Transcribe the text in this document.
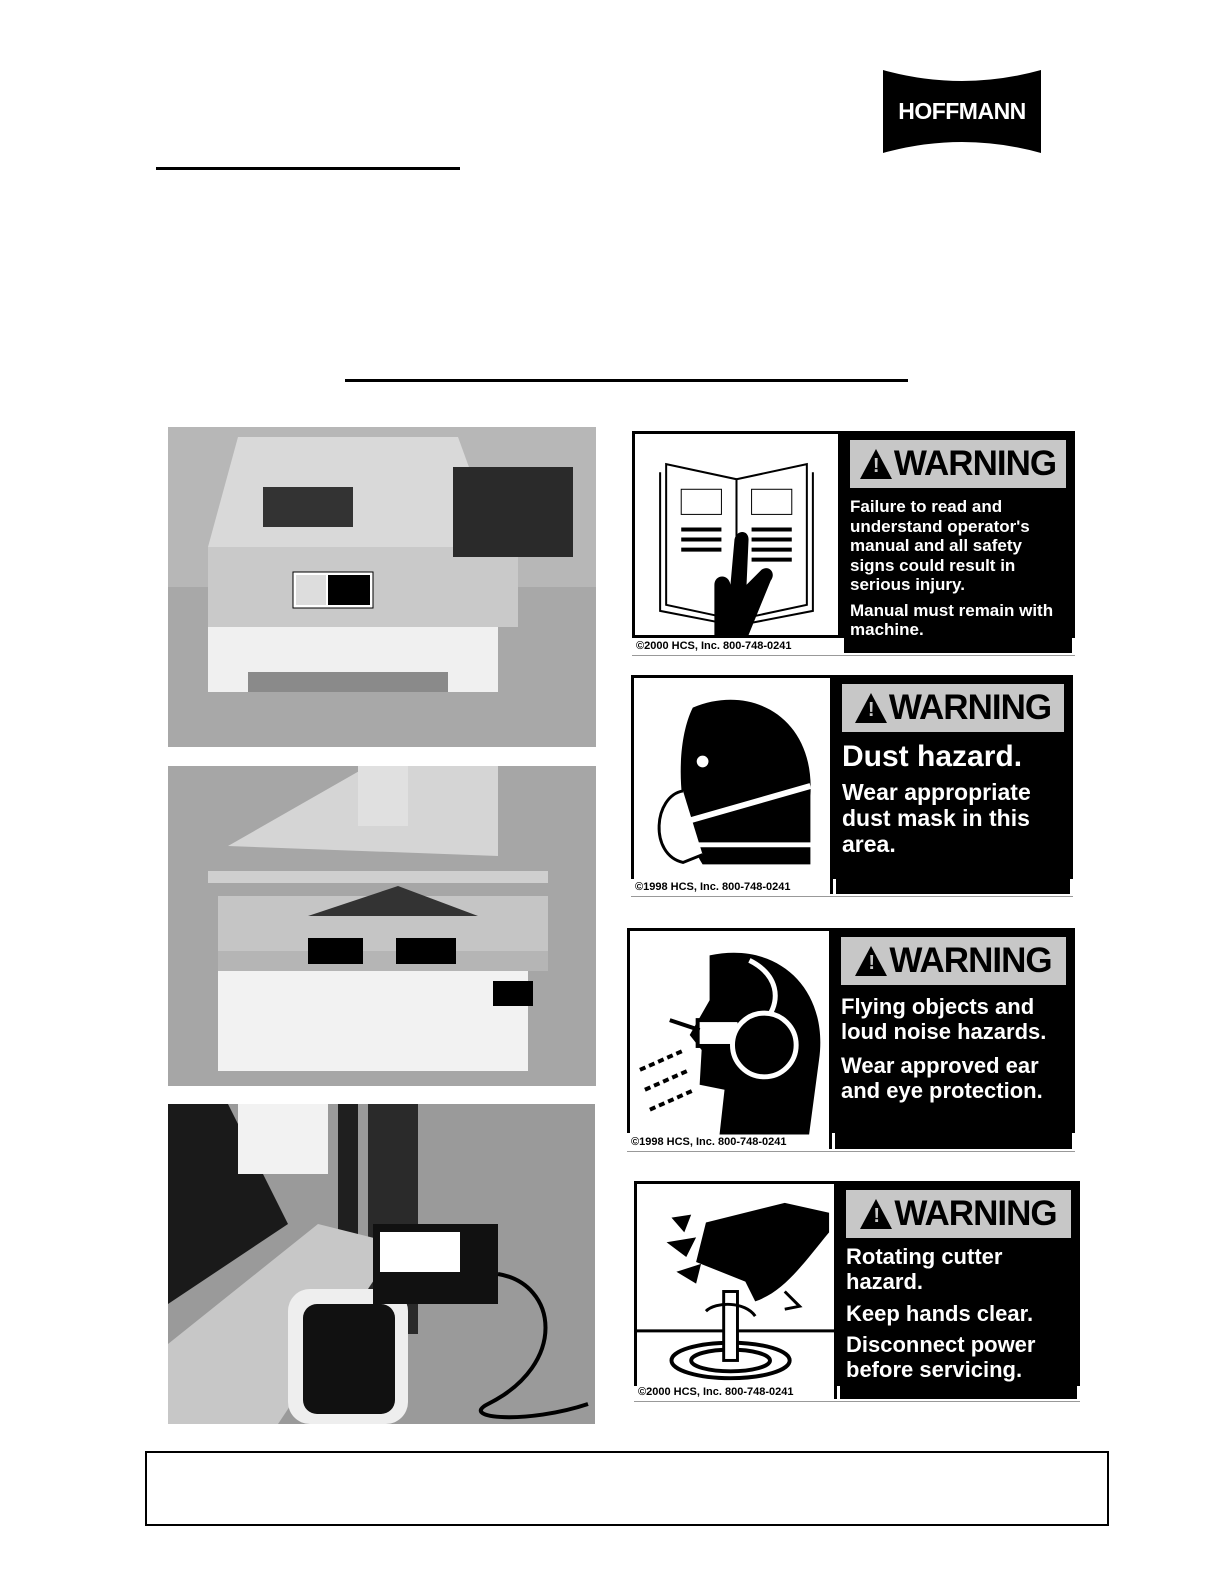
HOFFMANN
!
WARNING
Failure to read and
understand operator's
manual and all safety
signs could result in
serious injury.
Manual must remain with
machine.
©2000 HCS, Inc. 800-748-0241	Reorder No. 6001-MSWHPK
!
WARNING
Dust hazard.
Wear appropriate
dust mask in this
area.
©1998 HCS, Inc. 800-748-0241	Reorder No. 6115-U7WHPK
!
WARNING
Flying objects and
loud noise hazards.
Wear approved ear
and eye protection.
©1998 HCS, Inc. 800-748-0241	Reorder No. 3019-U8WHPK
!
WARNING
Rotating cutter
hazard.
Keep hands clear.
Disconnect power
before servicing.
©2000 HCS, Inc. 800-748-0241	Reorder No. 1030-JCWHPK
